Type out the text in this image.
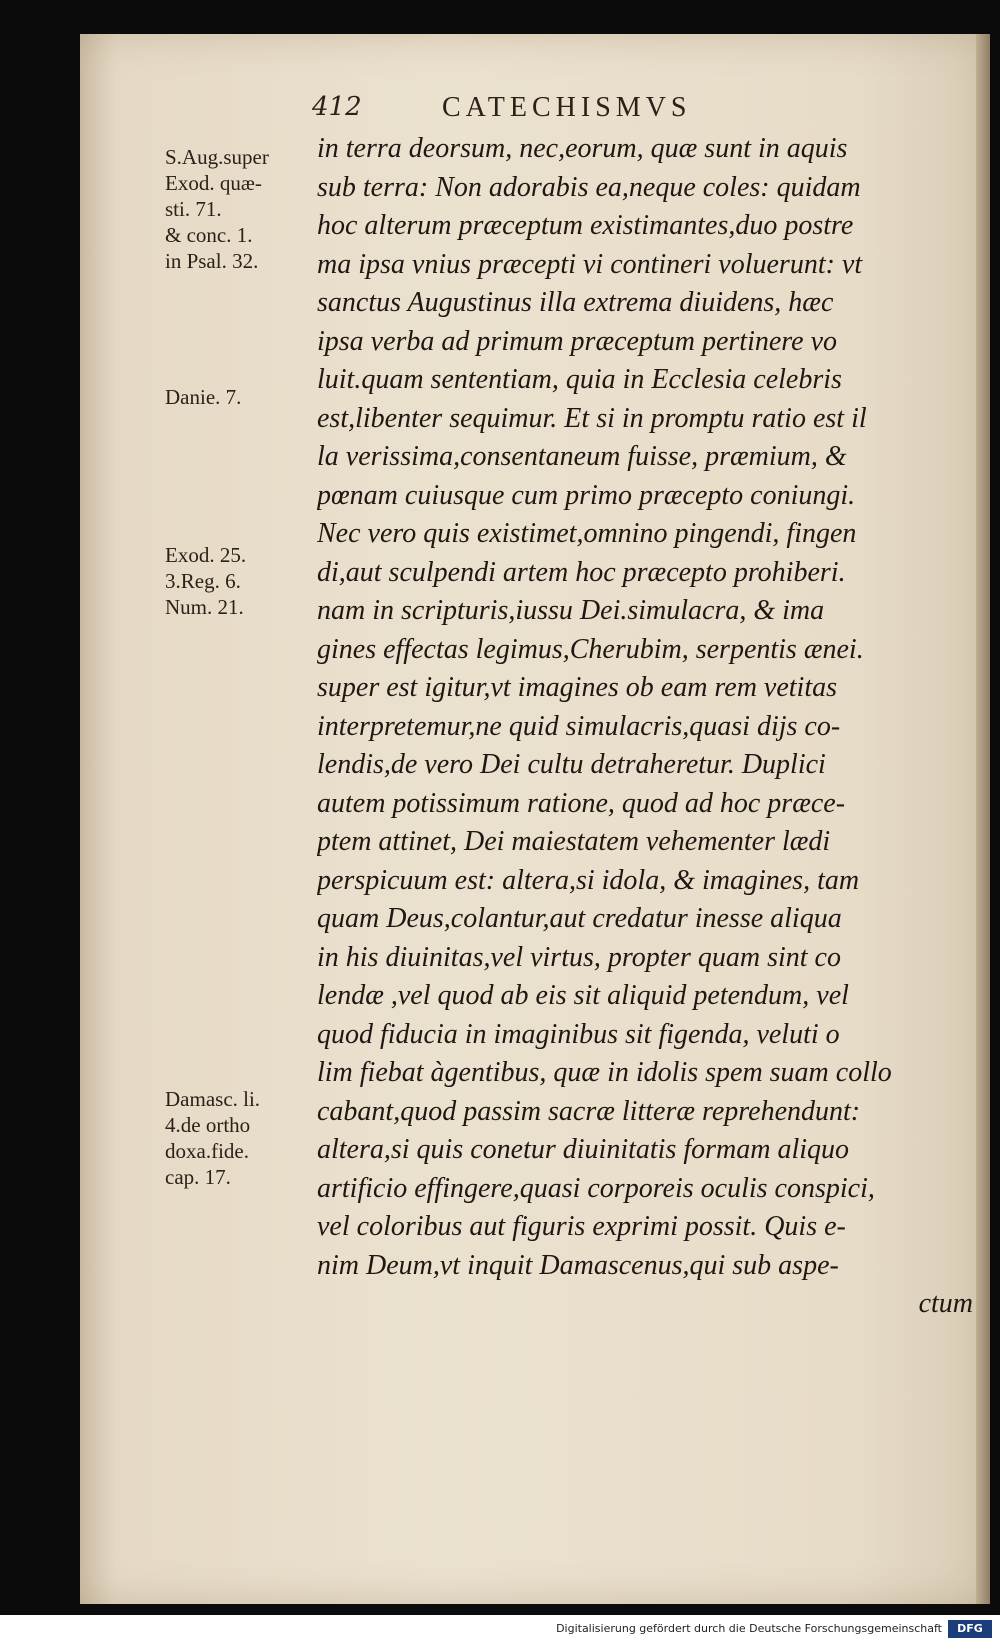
412	CATECHISMVS
S.Aug.super
Exod. quæ-
sti. 71.
& conc. 1.
in Psal. 32.
Danie. 7.
Exod. 25.
3.Reg. 6.
Num. 21.
Damasc. li.
4.de ortho
doxa.fide.
cap. 17.
in terra deorsum, nec,eorum, quæ sunt in aquis
sub terra: Non adorabis ea,neque coles: quidam
hoc alterum præceptum existimantes,duo postre
ma ipsa vnius præcepti vi contineri voluerunt: vt
sanctus Augustinus illa extrema diuidens, hæc
ipsa verba ad primum præceptum pertinere vo
luit.quam sententiam, quia in Ecclesia celebris
est,libenter sequimur. Et si in promptu ratio est il
la verissima,consentaneum fuisse, præmium, &
pœnam cuiusque cum primo præcepto coniungi.
Nec vero quis existimet,omnino pingendi, fingen
di,aut sculpendi artem hoc præcepto prohiberi.
nam in scripturis,iussu Dei.simulacra, & ima
gines effectas legimus,Cherubim, serpentis ænei.
super est igitur,vt imagines ob eam rem vetitas
interpretemur,ne quid simulacris,quasi dijs co-
lendis,de vero Dei cultu detraheretur. Duplici
autem potissimum ratione, quod ad hoc præce-
ptem attinet, Dei maiestatem vehementer lædi
perspicuum est: altera,si idola, & imagines, tam
quam Deus,colantur,aut credatur inesse aliqua
in his diuinitas,vel virtus, propter quam sint co
lendæ ,vel quod ab eis sit aliquid petendum, vel
quod fiducia in imaginibus sit figenda, veluti o
lim fiebat àgentibus, quæ in idolis spem suam collo
cabant,quod passim sacræ litteræ reprehendunt:
altera,si quis conetur diuinitatis formam aliquo
artificio effingere,quasi corporeis oculis conspici,
vel coloribus aut figuris exprimi possit. Quis e-
nim Deum,vt inquit Damascenus,qui sub aspe-
ctum
Digitalisierung gefördert durch die Deutsche Forschungsgemeinschaft	DFG
